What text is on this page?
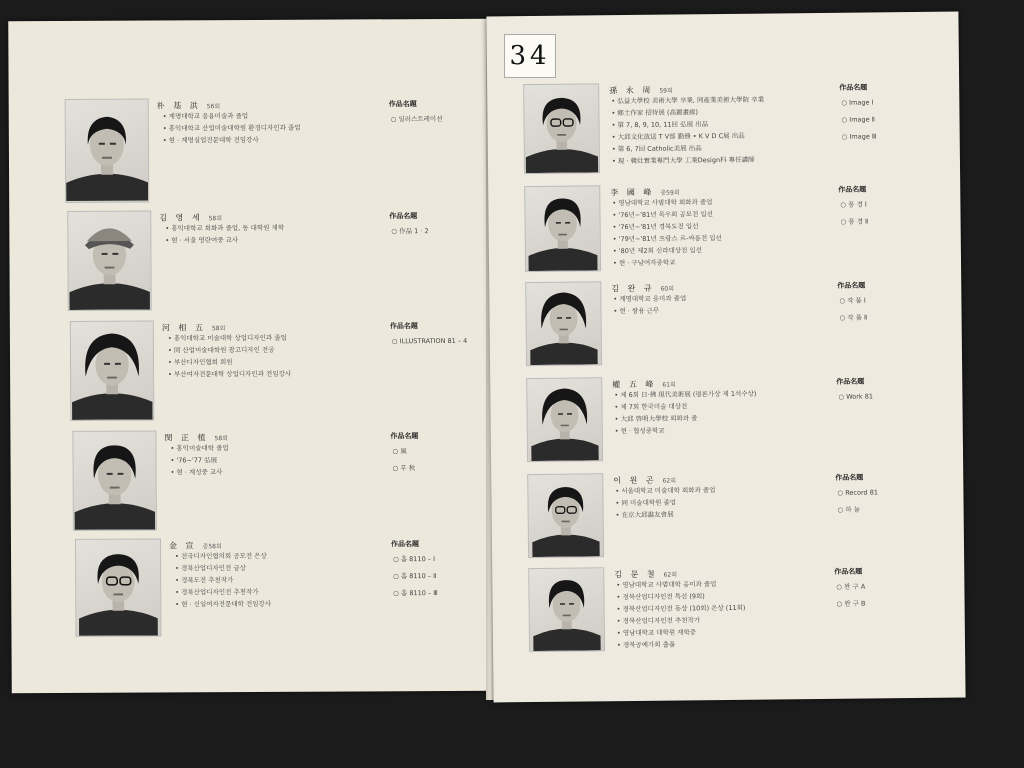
朴 基 洪 56회
• 계명대학교 응용미술과 졸업
• 홍익대학교 산업미술대학원 환경디자인과 졸업
• 현 · 계명실업전문대학 전임강사
作品名題
○ 일러스트레이션
김 영 세 58회
• 홍익대학교 회화과 졸업, 동 대학원 재학
• 현 · 서울 영란여중 교사
作品名題
○ 作品 1 · 2
河 相 五 58회
• 홍익대학교 미술대학 상업디자인과 졸업
• 同 산업미술대학원 광고디자인 전공
• 부산디자인협회 회원
• 부산여자전문대학 상업디자인과 전임강사
作品名題
○ ILLUSTRATION 81 – 4
閔 正 植 58회
• 홍익미술대학 졸업
• '76~'77 弘展
• 현 · 계성중 교사
作品名題
○ 風
○ 무 秋
金 宣 중58회
• 전국디자인협의회 공모전 은상
• 경북산업디자인전 금상
• 경북도전 추천작가
• 경북산업디자인전 추천작가
• 현 · 신일여자전문대학 전임강사
作品名題
○ 흠 8110 – Ⅰ
○ 흠 8110 – Ⅱ
○ 흠 8110 – Ⅲ
孫 永 周 59회
• 弘益大學校 美術大學 卒業, 同產業美術大學院 卒業
• 鄕土作家 招待展 (高麗畫廊)
• 第 7, 8, 9, 10, 11回 弘展 出品
• 大邱文化放送 T V部 勤務 • K V D C展 出品
• 第 6, 7回 Catholic美展 出品
• 現 · 韓灶實業專門大學 工業Design科 專任講師
作品名題
○ Image Ⅰ
○ Image Ⅱ
○ Image Ⅲ
李 國 峰 중59회
• 영남대학교 사범대학 회화과 졸업
• '76년~'81년 목우회 공모전 입선
• '76년~'81년 경북도전 입선
• '79년~'81년 프랑스 르-싸롱전 입선
• '80년 제2회 신라대상전 입선
• 현 · 구남여자중학교
作品名題
○ 풍 경 Ⅰ
○ 풍 경 Ⅱ
김 완 규 60회
• 계명대학교 응미과 졸업
• 현 · 쌍용 근무
作品名題
○ 작 품 Ⅰ
○ 작 품 Ⅱ
權 五 峰 61회
• 제 6회 日·佛 現代美術展 (평론가상 제 1석수상)
• 제 7회 한국미술 대상전
• 大邱 啓明大學校 회화과 졸
• 현 · 협성중학교
作品名題
○ Work 81
이 원 곤 62회
• 서울대학교 미술대학 회화과 졸업
• 同 미술대학원 졸업
• 在京大邱畵友會展
作品名題
○ Record 81
○ 하 늘
김 문 철 62회
• 영남대학교 사범대학 응미과 졸업
• 경북산업디자인전 특선 (9회)
• 경북산업디자인전 동상 (10회) 은상 (11회)
• 경북산업디자인전 추천작가
• 영남대학교 대학원 재학중
• 경북공예가회 출품
作品名題
○ 완 구 A
○ 완 구 B
34
